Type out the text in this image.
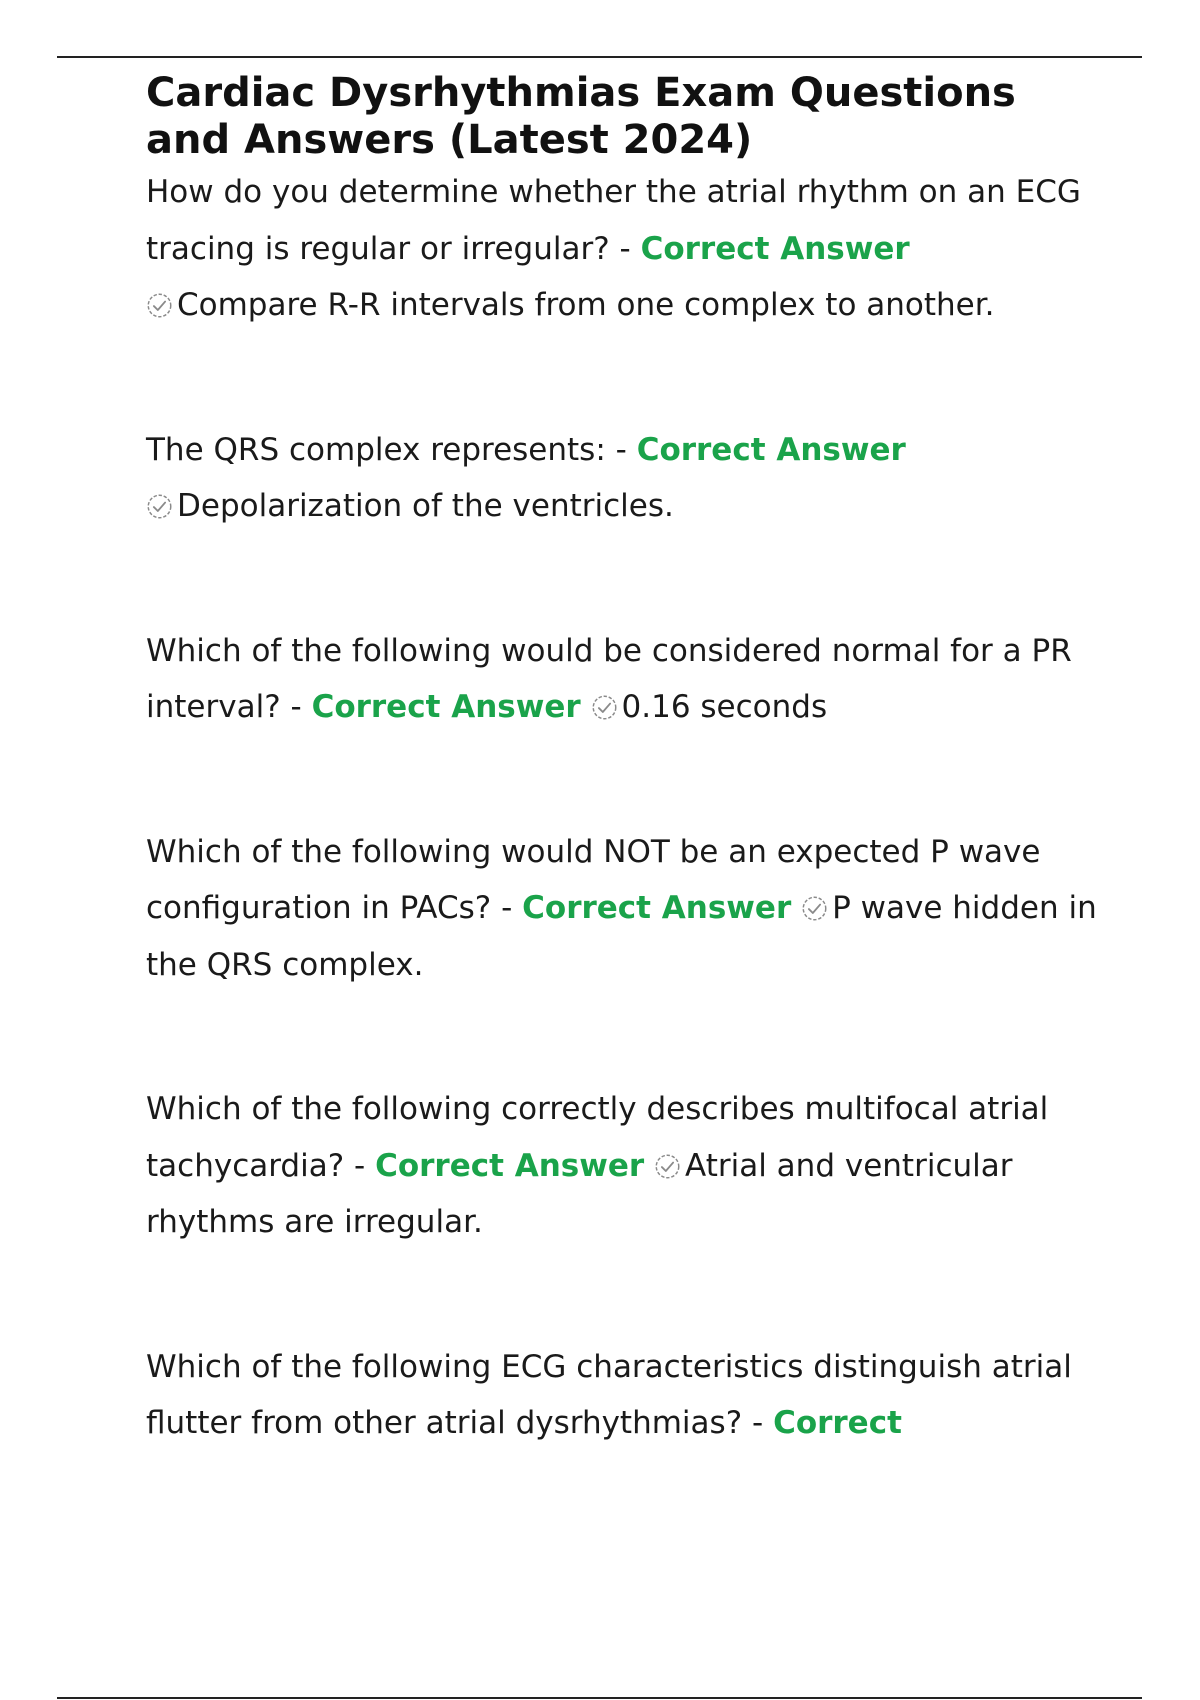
Cardiac Dysrhythmias Exam Questions and Answers (Latest 2024)

How do you determine whether the atrial rhythm on an ECG tracing is regular or irregular? - Correct Answer
Compare R-R intervals from one complex to another.

The QRS complex represents: - Correct Answer
Depolarization of the ventricles.

Which of the following would be considered normal for a PR interval? - Correct Answer 0.16 seconds

Which of the following would NOT be an expected P wave configuration in PACs? - Correct Answer P wave hidden in the QRS complex.

Which of the following correctly describes multifocal atrial tachycardia? - Correct Answer Atrial and ventricular rhythms are irregular.

Which of the following ECG characteristics distinguish atrial flutter from other atrial dysrhythmias? - Correct
